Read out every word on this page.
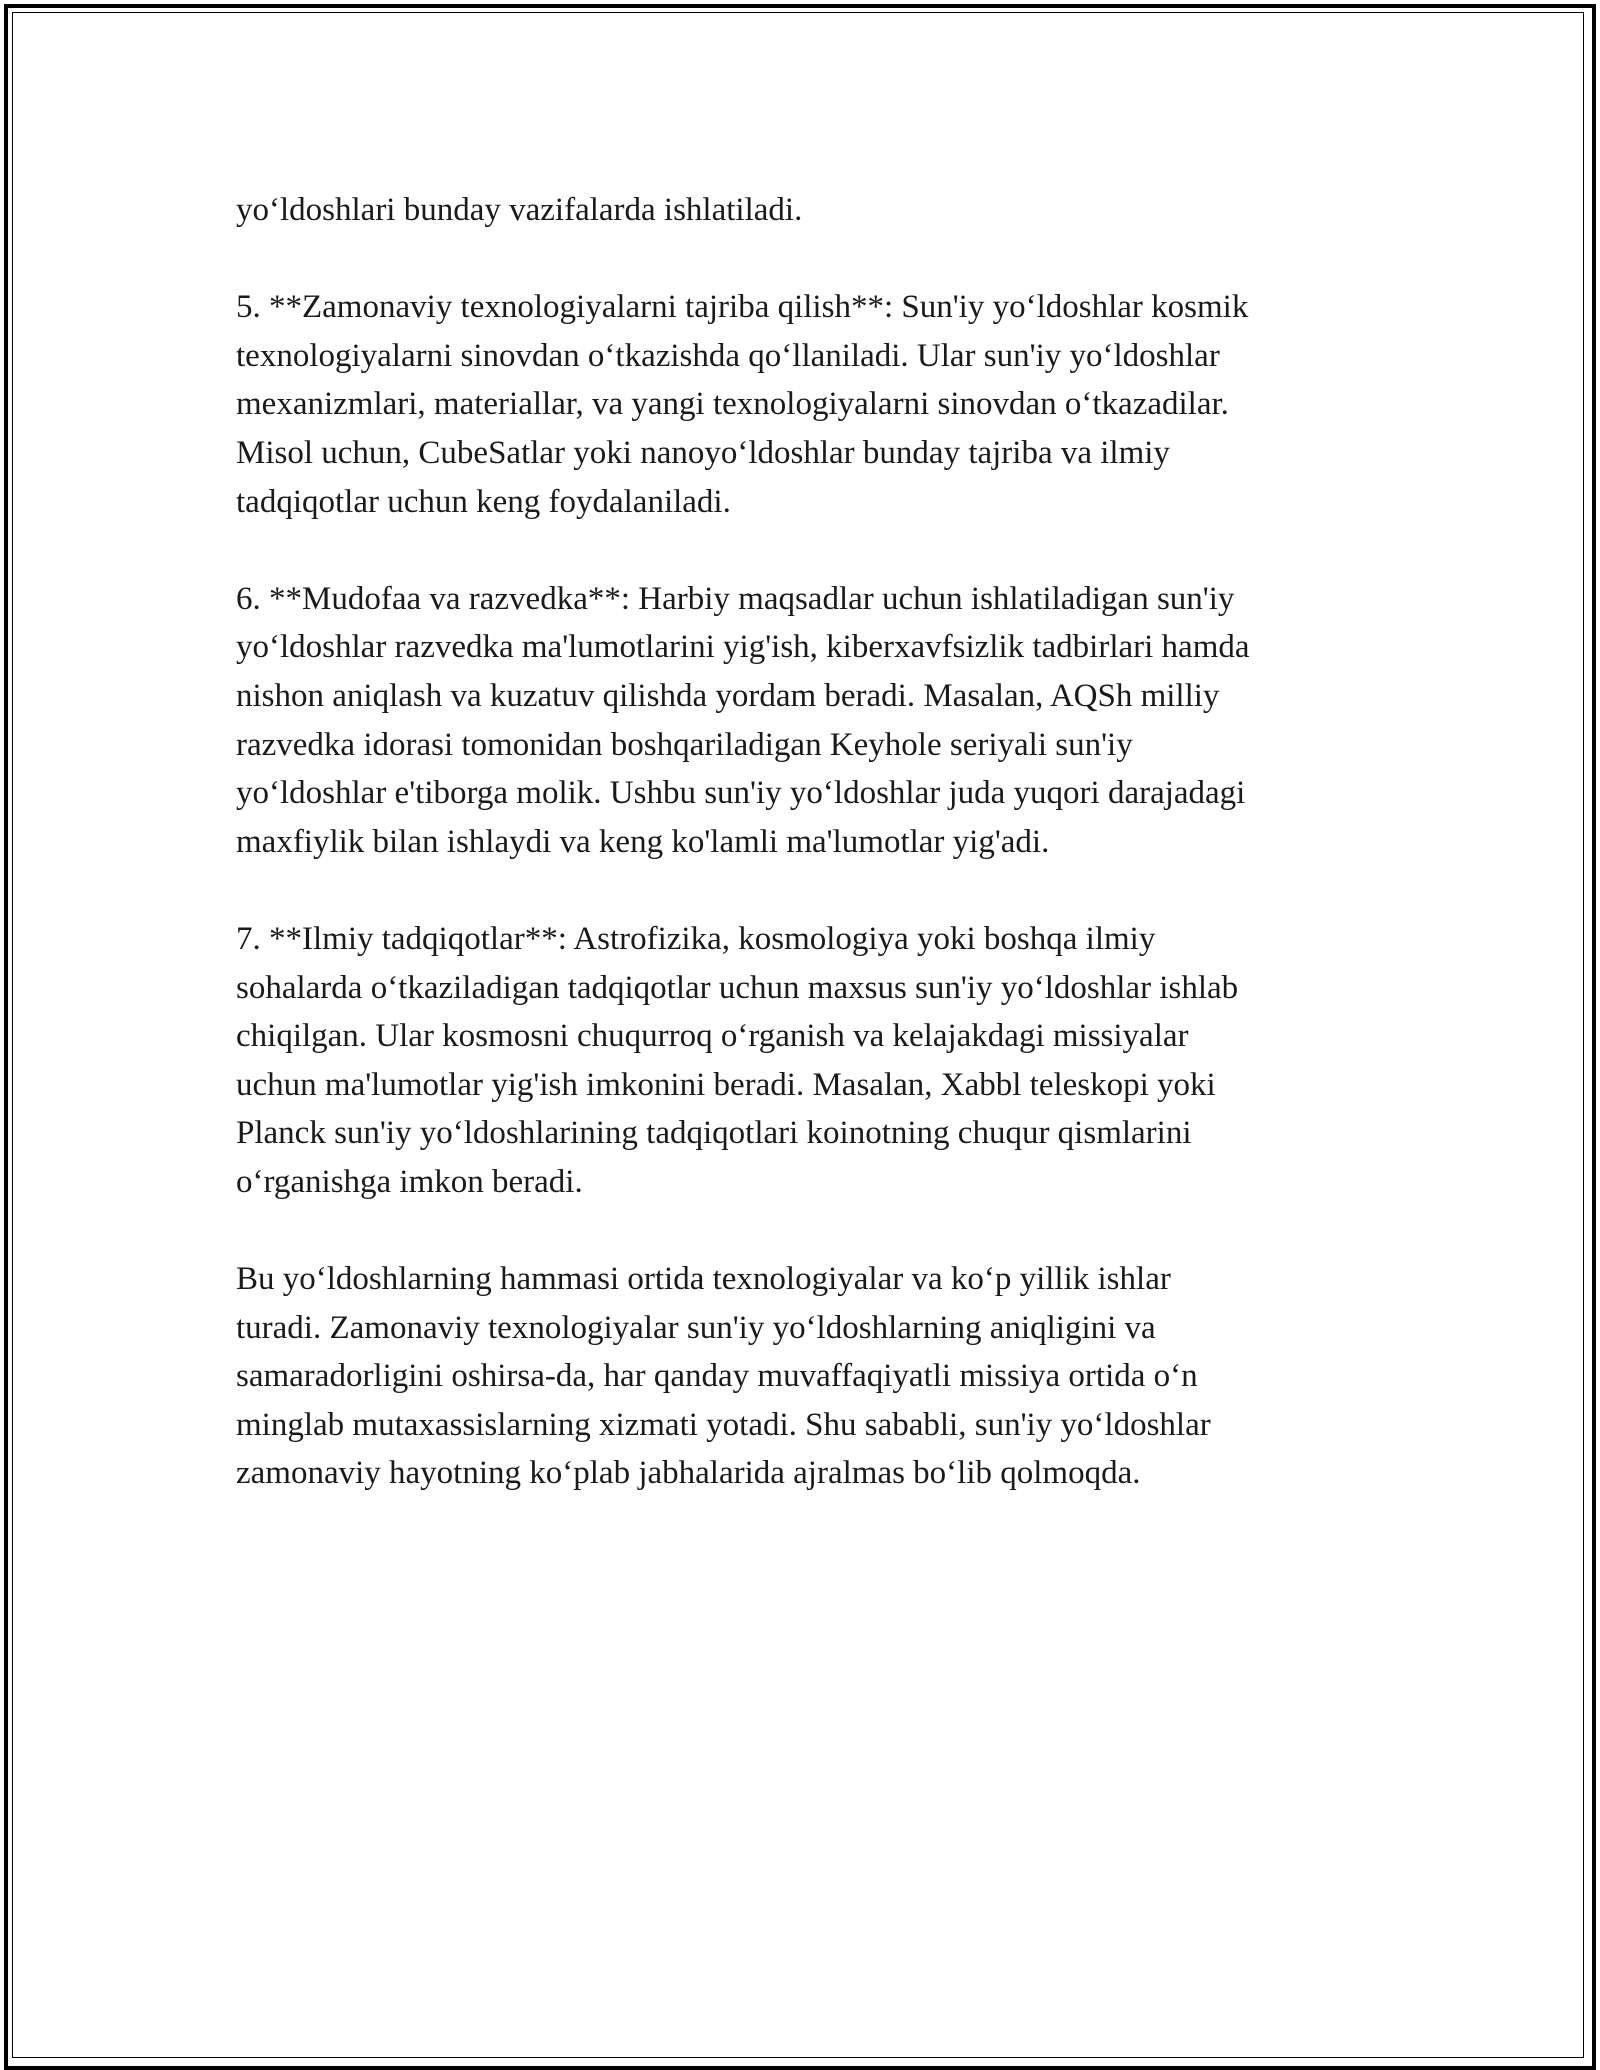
yoʻldoshlari bunday vazifalarda ishlatiladi.

5. **Zamonaviy texnologiyalarni tajriba qilish**: Sun'iy yoʻldoshlar kosmik
texnologiyalarni sinovdan oʻtkazishda qoʻllaniladi. Ular sun'iy yoʻldoshlar
mexanizmlari, materiallar, va yangi texnologiyalarni sinovdan oʻtkazadilar.
Misol uchun, CubeSatlar yoki nanoyoʻldoshlar bunday tajriba va ilmiy
tadqiqotlar uchun keng foydalaniladi.

6. **Mudofaa va razvedka**: Harbiy maqsadlar uchun ishlatiladigan sun'iy
yoʻldoshlar razvedka ma'lumotlarini yig'ish, kiberxavfsizlik tadbirlari hamda
nishon aniqlash va kuzatuv qilishda yordam beradi. Masalan, AQSh milliy
razvedka idorasi tomonidan boshqariladigan Keyhole seriyali sun'iy
yoʻldoshlar e'tiborga molik. Ushbu sun'iy yoʻldoshlar juda yuqori darajadagi
maxfiylik bilan ishlaydi va keng ko'lamli ma'lumotlar yig'adi.

7. **Ilmiy tadqiqotlar**: Astrofizika, kosmologiya yoki boshqa ilmiy
sohalarda oʻtkaziladigan tadqiqotlar uchun maxsus sun'iy yoʻldoshlar ishlab
chiqilgan. Ular kosmosni chuqurroq oʻrganish va kelajakdagi missiyalar
uchun ma'lumotlar yig'ish imkonini beradi. Masalan, Xabbl teleskopi yoki
Planck sun'iy yoʻldoshlarining tadqiqotlari koinotning chuqur qismlarini
oʻrganishga imkon beradi.

Bu yoʻldoshlarning hammasi ortida texnologiyalar va koʻp yillik ishlar
turadi. Zamonaviy texnologiyalar sun'iy yoʻldoshlarning aniqligini va
samaradorligini oshirsa-da, har qanday muvaffaqiyatli missiya ortida oʻn
minglab mutaxassislarning xizmati yotadi. Shu sababli, sun'iy yoʻldoshlar
zamonaviy hayotning koʻplab jabhalarida ajralmas boʻlib qolmoqda.
